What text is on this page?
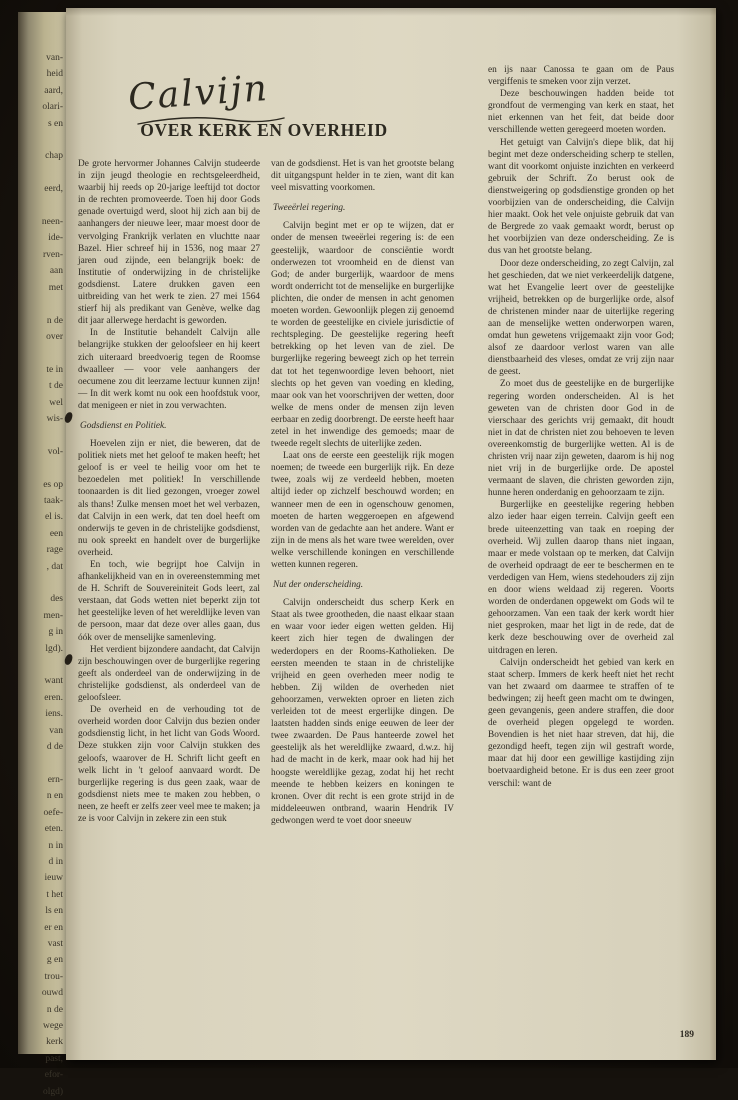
van-

heid

aard,

olari-

s en

chap

eerd,

neen-

ide-

rven-

aan

met

n de

over

te in

t de

wel

wis-

vol-

es op

taak-

el is.

een

rage

, dat

des

men-

g in

lgd).

want

eren.

iens.

van

d de

ern-

n en

oefe-

eten.

n in

d in

ieuw

t het

ls en

er en

vast

g en

trou-

ouwd

n de

wege

kerk

past,

efor-

olgd)

Calvijn
OVER KERK EN OVERHEID

De grote hervormer Johannes Calvijn studeerde in zijn jeugd theologie en rechtsgeleerdheid, waarbij hij reeds op 20-jarige leeftijd tot doctor in de rechten promoveerde. Toen hij door Gods genade overtuigd werd, sloot hij zich aan bij de aanhangers der nieuwe leer, maar moest door de vervolging Frankrijk verlaten en vluchtte naar Bazel. Hier schreef hij in 1536, nog maar 27 jaren oud zijnde, een belangrijk boek: de Institutie of onderwijzing in de christelijke godsdienst. Latere drukken gaven een uitbreiding van het werk te zien. 27 mei 1564 stierf hij als predikant van Genève, welke dag dit jaar allerwege herdacht is geworden.

In de Institutie behandelt Calvijn alle belangrijke stukken der geloofsleer en hij keert zich uiteraard breedvoerig tegen de Roomse dwaalleer — voor vele aanhangers der oecumene zou dit leerzame lectuur kunnen zijn! — In dit werk komt nu ook een hoofdstuk voor, dat menigeen er niet in zou verwachten.

Godsdienst en Politiek.

Hoevelen zijn er niet, die beweren, dat de politiek niets met het geloof te maken heeft; het geloof is er veel te heilig voor om het te bezoedelen met politiek! In verschillende toonaarden is dit lied gezongen, vroeger zowel als thans! Zulke mensen moet het wel verbazen, dat Calvijn in een werk, dat ten doel heeft om onderwijs te geven in de christelijke godsdienst, nu ook spreekt en handelt over de burgerlijke overheid.

En toch, wie begrijpt hoe Calvijn in afhankelijkheid van en in overeenstemming met de H. Schrift de Souvereiniteit Gods leert, zal verstaan, dat Gods wetten niet beperkt zijn tot het geestelijke leven of het wereldlijke leven van de persoon, maar dat deze over alles gaan, dus óók over de menselijke samenleving.

Het verdient bijzondere aandacht, dat Calvijn zijn beschouwingen over de burgerlijke regering geeft als onderdeel van de onderwijzing in de christelijke godsdienst, als onderdeel van de geloofsleer.

De overheid en de verhouding tot de overheid worden door Calvijn dus bezien onder godsdienstig licht, in het licht van Gods Woord. Deze stukken zijn voor Calvijn stukken des geloofs, waarover de H. Schrift licht geeft en welk licht in 't geloof aanvaard wordt. De burgerlijke regering is dus geen zaak, waar de godsdienst niets mee te maken zou hebben, o neen, ze heeft er zelfs zeer veel mee te maken; ja ze is voor Calvijn in zekere zin een stuk

van de godsdienst. Het is van het grootste belang dit uitgangspunt helder in te zien, want dit kan veel misvatting voorkomen.

Tweeërlei regering.

Calvijn begint met er op te wijzen, dat er onder de mensen tweeërlei regering is: de een geestelijk, waardoor de consciëntie wordt onderwezen tot vroomheid en de dienst van God; de ander burgerlijk, waardoor de mens wordt onderricht tot de menselijke en burgerlijke plichten, die onder de mensen in acht genomen moeten worden. Gewoonlijk plegen zij genoemd te worden de geestelijke en civiele jurisdictie of rechtspleging. De geestelijke regering heeft betrekking op het leven van de ziel. De burgerlijke regering beweegt zich op het terrein dat tot het tegenwoordige leven behoort, niet slechts op het geven van voeding en kleding, maar ook van het voorschrijven der wetten, door welke de mens onder de mensen zijn leven eerbaar en zedig doorbrengt. De eerste heeft haar zetel in het inwendige des gemoeds; maar de tweede regelt slechts de uiterlijke zeden.

Laat ons de eerste een geestelijk rijk mogen noemen; de tweede een burgerlijk rijk. En deze twee, zoals wij ze verdeeld hebben, moeten altijd ieder op zichzelf beschouwd worden; en wanneer men de een in ogenschouw genomen, moeten de harten weggeroepen en afgewend worden van de gedachte aan het andere. Want er zijn in de mens als het ware twee werelden, over welke verschillende koningen en verschillende wetten kunnen regeren.

Nut der onderscheiding.

Calvijn onderscheidt dus scherp Kerk en Staat als twee grootheden, die naast elkaar staan en waar voor ieder eigen wetten gelden. Hij keert zich hier tegen de dwalingen der wederdopers en der Rooms-Katholieken. De eersten meenden te staan in de christelijke vrijheid en geen overheden meer nodig te hebben. Zij wilden de overheden niet gehoorzamen, verwekten oproer en lieten zich verleiden tot de meest ergerlijke dingen. De laatsten hadden sinds enige eeuwen de leer der twee zwaarden. De Paus hanteerde zowel het geestelijk als het wereldlijke zwaard, d.w.z. hij had de macht in de kerk, maar ook had hij het hoogste wereldlijke gezag, zodat hij het recht meende te hebben keizers en koningen te kronen. Over dit recht is een grote strijd in de middeleeuwen ontbrand, waarin Hendrik IV gedwongen werd te voet door sneeuw

en ijs naar Canossa te gaan om de Paus vergiffenis te smeken voor zijn verzet.

Deze beschouwingen hadden beide tot grondfout de vermenging van kerk en staat, het niet erkennen van het feit, dat beide door verschillende wetten geregeerd moeten worden.

Het getuigt van Calvijn's diepe blik, dat hij begint met deze onderscheiding scherp te stellen, want dit voorkomt onjuiste inzichten en verkeerd gebruik der Schrift. Zo berust ook de dienstweigering op godsdienstige gronden op het voorbijzien van de onderscheiding, die Calvijn hier maakt. Ook het vele onjuiste gebruik dat van de Bergrede zo vaak gemaakt wordt, berust op het voorbijzien van deze onderscheiding. Ze is dus van het grootste belang.

Door deze onderscheiding, zo zegt Calvijn, zal het geschieden, dat we niet verkeerdelijk datgene, wat het Evangelie leert over de geestelijke vrijheid, betrekken op de burgerlijke orde, alsof de christenen minder naar de uiterlijke regering aan de menselijke wetten onderworpen waren, omdat hun gewetens vrijgemaakt zijn voor God; alsof ze daardoor verlost waren van alle dienstbaarheid des vleses, omdat ze vrij zijn naar de geest.

Zo moet dus de geestelijke en de burgerlijke regering worden onderscheiden. Al is het geweten van de christen door God in de vierschaar des gerichts vrij gemaakt, dit houdt niet in dat de christen niet zou behoeven te leven overeenkomstig de burgerlijke wetten. Al is de christen vrij naar zijn geweten, daarom is hij nog niet vrij in de burgerlijke orde. De apostel vermaant de slaven, die christen geworden zijn, hunne heren onderdanig en gehoorzaam te zijn.

Burgerlijke en geestelijke regering hebben alzo ieder haar eigen terrein. Calvijn geeft een brede uiteenzetting van taak en roeping der overheid. Wij zullen daarop thans niet ingaan, maar er mede volstaan op te merken, dat Calvijn de overheid opdraagt de eer te beschermen en te verdedigen van Hem, wiens stedehouders zij zijn en door wiens weldaad zij regeren. Voorts worden de onderdanen opgewekt om Gods wil te gehoorzamen. Van een taak der kerk wordt hier niet gesproken, maar het ligt in de rede, dat de kerk deze beschouwing over de overheid zal uitdragen en leren.

Calvijn onderscheidt het gebied van kerk en staat scherp. Immers de kerk heeft niet het recht van het zwaard om daarmee te straffen of te bedwingen; zij heeft geen macht om te dwingen, geen gevangenis, geen andere straffen, die door de overheid plegen opgelegd te worden. Bovendien is het niet haar streven, dat hij, die gezondigd heeft, tegen zijn wil gestraft worde, maar dat hij door een gewillige kastijding zijn boetvaardigheid betone. Er is dus een zeer groot verschil: want de

189
